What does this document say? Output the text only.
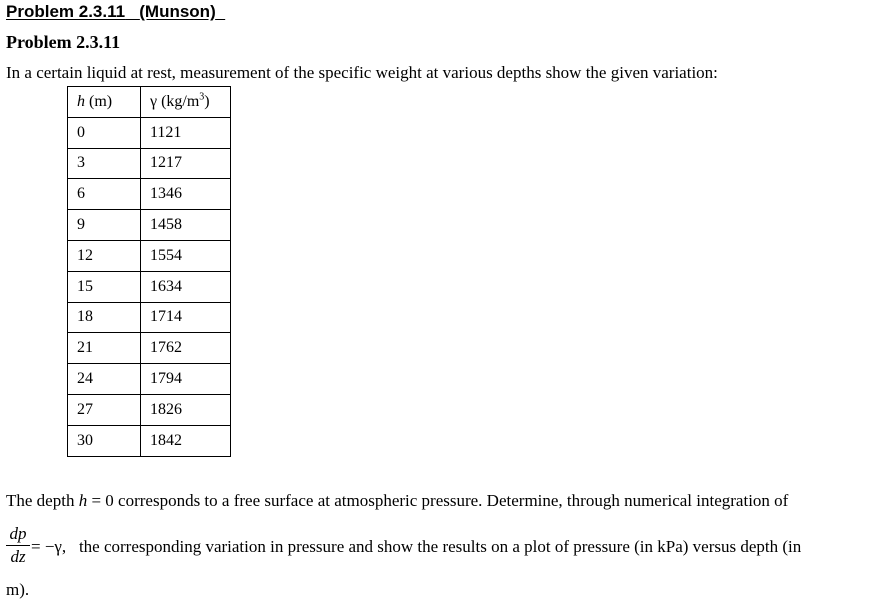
Problem 2.3.11 (Munson)
Problem 2.3.11
In a certain liquid at rest, measurement of the specific weight at various depths show the given variation:
h (m)	γ $(kg/m^3)$
0	1121
3	1217
6	1346
9	1458
12	1554
15	1634
18	1714
21	1762
24	1794
27	1826
30	1842
The depth h = 0 corresponds to a free surface at atmospheric pressure. Determine, through numerical integration of
$\frac{dp}{dz} = -\gamma$, the corresponding variation in pressure and show the results on a plot of pressure (in kPa) versus depth (in
m).
